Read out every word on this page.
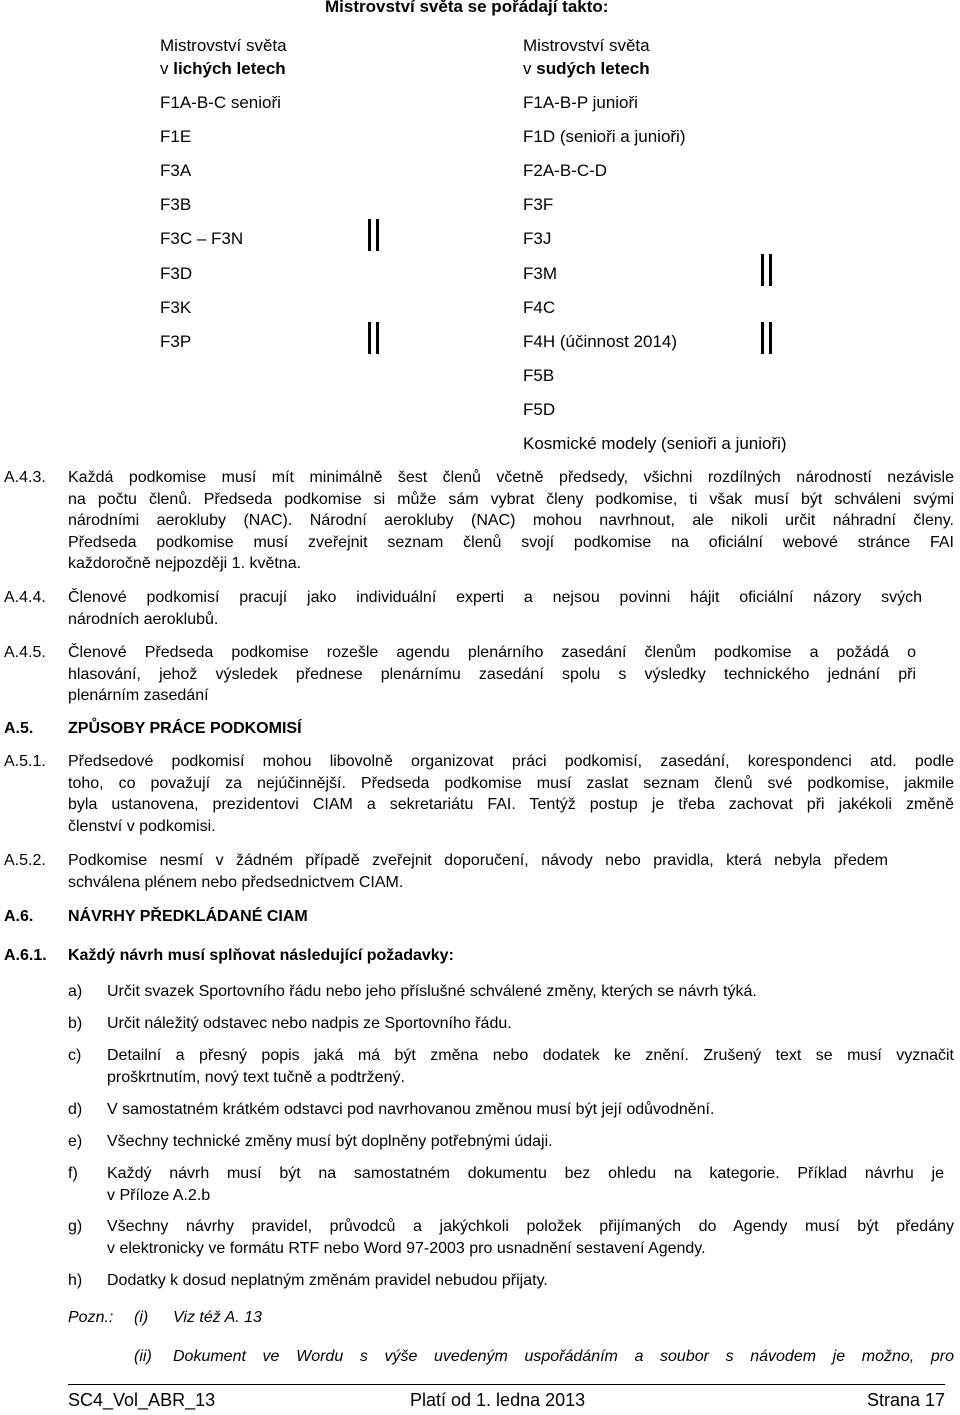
Mistrovství světa se pořádají takto:
Mistrovství světa
v lichých letech
F1A-B-C senioři
F1E
F3A
F3B
F3C – F3N
F3D
F3K
F3P
Mistrovství světa
v sudých letech
F1A-B-P junioři
F1D (senioři a junioři)
F2A-B-C-D
F3F
F3J
F3M
F4C
F4H (účinnost 2014)
F5B
F5D
Kosmické modely (senioři a junioři)
A.4.3. Každá podkomise musí mít minimálně šest členů včetně předsedy, všichni rozdílných národností nezávisle
na počtu členů. Předseda podkomise si může sám vybrat členy podkomise, ti však musí být schváleni svými
národními aerokluby (NAC). Národní aerokluby (NAC) mohou navrhnout, ale nikoli určit náhradní členy.
Předseda podkomise musí zveřejnit seznam členů svojí podkomise na oficiální webové stránce FAI
každoročně nejpozději 1. května.
A.4.4. Členové podkomisí pracují jako individuální experti a nejsou povinni hájit oficiální názory svých
národních aeroklubů.
A.4.5. Členové Předseda podkomise rozešle agendu plenárního zasedání členům podkomise a požádá o
hlasování, jehož výsledek přednese plenárnímu zasedání spolu s výsledky technického jednání při
plenárním zasedání
A.5. ZPŮSOBY PRÁCE PODKOMISÍ
A.5.1. Předsedové podkomisí mohou libovolně organizovat práci podkomisí, zasedání, korespondenci atd. podle
toho, co považují za nejúčinnější. Předseda podkomise musí zaslat seznam členů své podkomise, jakmile
byla ustanovena, prezidentovi CIAM a sekretariátu FAI. Tentýž postup je třeba zachovat při jakékoli změně
členství v podkomisi.
A.5.2. Podkomise nesmí v žádném případě zveřejnit doporučení, návody nebo pravidla, která nebyla předem
schválena plénem nebo předsednictvem CIAM.
A.6. NÁVRHY PŘEDKLÁDANÉ CIAM
A.6.1. Každý návrh musí splňovat následující požadavky:
a) Určit svazek Sportovního řádu nebo jeho příslušné schválené změny, kterých se návrh týká.
b) Určit náležitý odstavec nebo nadpis ze Sportovního řádu.
c) Detailní a přesný popis jaká má být změna nebo dodatek ke znění. Zrušený text se musí vyznačit
proškrtnutím, nový text tučně a podtržený.
d) V samostatném krátkém odstavci pod navrhovanou změnou musí být její odůvodnění.
e) Všechny technické změny musí být doplněny potřebnými údaji.
f) Každý návrh musí být na samostatném dokumentu bez ohledu na kategorie. Příklad návrhu je
v Příloze A.2.b
g) Všechny návrhy pravidel, průvodců a jakýchkoli položek přijímaných do Agendy musí být předány
v elektronicky ve formátu RTF nebo Word 97-2003 pro usnadnění sestavení Agendy.
h) Dodatky k dosud neplatným změnám pravidel nebudou přijaty.
Pozn.: (i) Viz též A. 13
(ii) Dokument ve Wordu s výše uvedeným uspořádáním a soubor s návodem je možno, pro
SC4_Vol_ABR_13	Platí od 1. ledna 2013	Strana 17
